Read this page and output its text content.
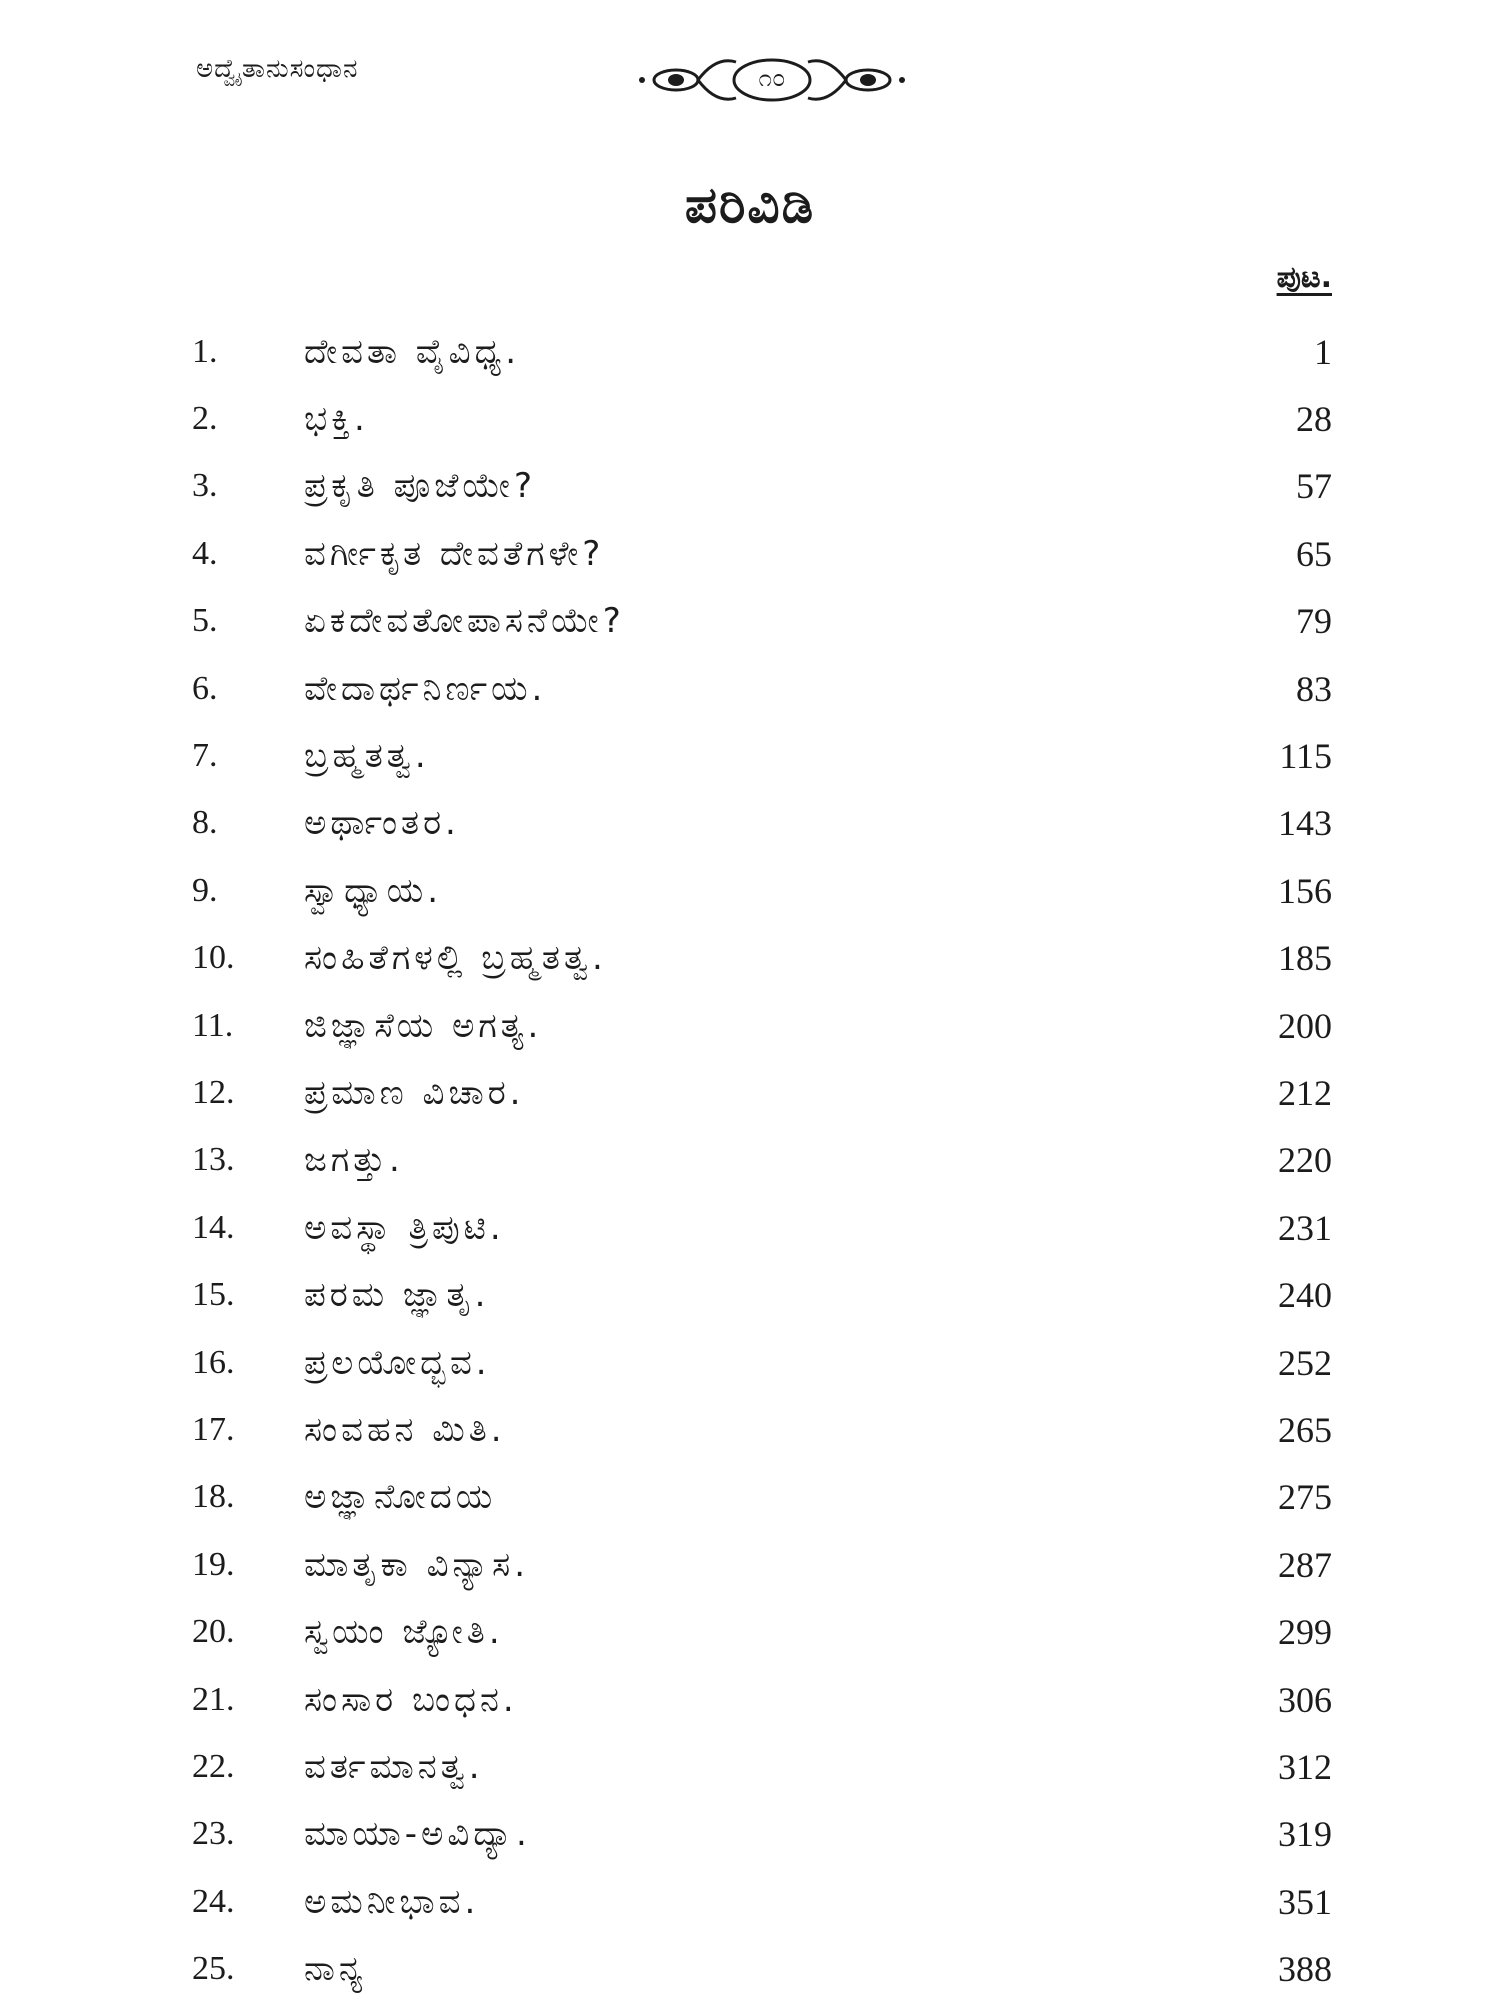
ಅದ್ವೈತಾನುಸಂಧಾನ	೧೦
ಪರಿವಿಡಿ
ಪುಟ.
1.	ದೇವತಾ ವೈವಿಧ್ಯ.	1
2.	ಭಕ್ತಿ.	28
3.	ಪ್ರಕೃತಿ ಪೂಜೆಯೇ?	57
4.	ವರ್ಗೀಕೃತ ದೇವತೆಗಳೇ?	65
5.	ಏಕದೇವತೋಪಾಸನೆಯೇ?	79
6.	ವೇದಾರ್ಥನಿರ್ಣಯ.	83
7.	ಬ್ರಹ್ಮತತ್ವ.	115
8.	ಅರ್ಥಾಂತರ.	143
9.	ಸ್ವಾಧ್ಯಾಯ.	156
10.	ಸಂಹಿತೆಗಳಲ್ಲಿ ಬ್ರಹ್ಮತತ್ವ.	185
11.	ಜಿಜ್ಞಾಸೆಯ ಅಗತ್ಯ.	200
12.	ಪ್ರಮಾಣ ವಿಚಾರ.	212
13.	ಜಗತ್ತು.	220
14.	ಅವಸ್ಥಾ ತ್ರಿಪುಟಿ.	231
15.	ಪರಮ ಜ್ಞಾತೃ.	240
16.	ಪ್ರಲಯೋದ್ಭವ.	252
17.	ಸಂವಹನ ಮಿತಿ.	265
18.	ಅಜ್ಞಾನೋದಯ	275
19.	ಮಾತೃಕಾ ವಿನ್ಯಾಸ.	287
20.	ಸ್ವಯಂ ಜ್ಯೋತಿ.	299
21.	ಸಂಸಾರ ಬಂಧನ.	306
22.	ವರ್ತಮಾನತ್ವ.	312
23.	ಮಾಯಾ-ಅವಿದ್ಯಾ.	319
24.	ಅಮನೀಭಾವ.	351
25.	ನಾನ್ಯ	388
